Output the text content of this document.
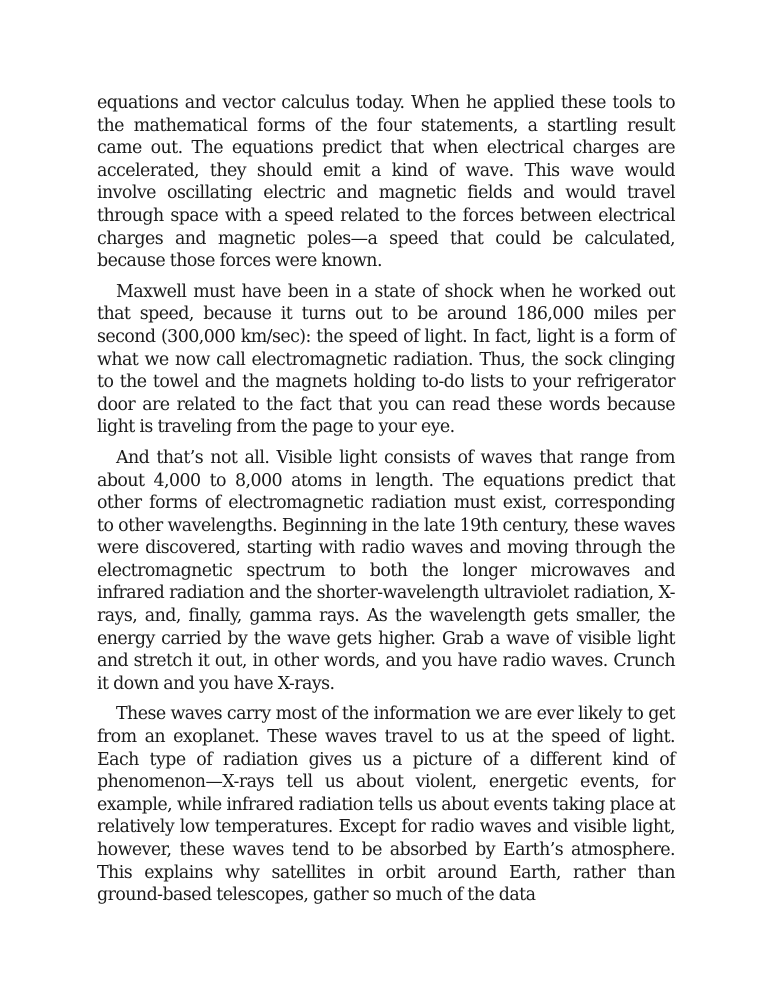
equations and vector calculus today. When he applied these tools to the mathematical forms of the four statements, a startling result came out. The equations predict that when electrical charges are accelerated, they should emit a kind of wave. This wave would involve oscillating electric and magnetic fields and would travel through space with a speed related to the forces between electrical charges and magnetic poles—a speed that could be calculated, because those forces were known.

Maxwell must have been in a state of shock when he worked out that speed, because it turns out to be around 186,000 miles per second (300,000 km/sec): the speed of light. In fact, light is a form of what we now call electromagnetic radiation. Thus, the sock clinging to the towel and the magnets holding to-do lists to your refrigerator door are related to the fact that you can read these words because light is traveling from the page to your eye.

And that’s not all. Visible light consists of waves that range from about 4,000 to 8,000 atoms in length. The equations predict that other forms of electromagnetic radiation must exist, corresponding to other wavelengths. Beginning in the late 19th century, these waves were discovered, starting with radio waves and moving through the electromagnetic spectrum to both the longer microwaves and infrared radiation and the shorter-wavelength ultraviolet radiation, X-rays, and, finally, gamma rays. As the wavelength gets smaller, the energy carried by the wave gets higher. Grab a wave of visible light and stretch it out, in other words, and you have radio waves. Crunch it down and you have X-rays.

These waves carry most of the information we are ever likely to get from an exoplanet. These waves travel to us at the speed of light. Each type of radiation gives us a picture of a different kind of phenomenon—X-rays tell us about violent, energetic events, for example, while infrared radiation tells us about events taking place at relatively low temperatures. Except for radio waves and visible light, however, these waves tend to be absorbed by Earth’s atmosphere. This explains why satellites in orbit around Earth, rather than ground-based telescopes, gather so much of the data
